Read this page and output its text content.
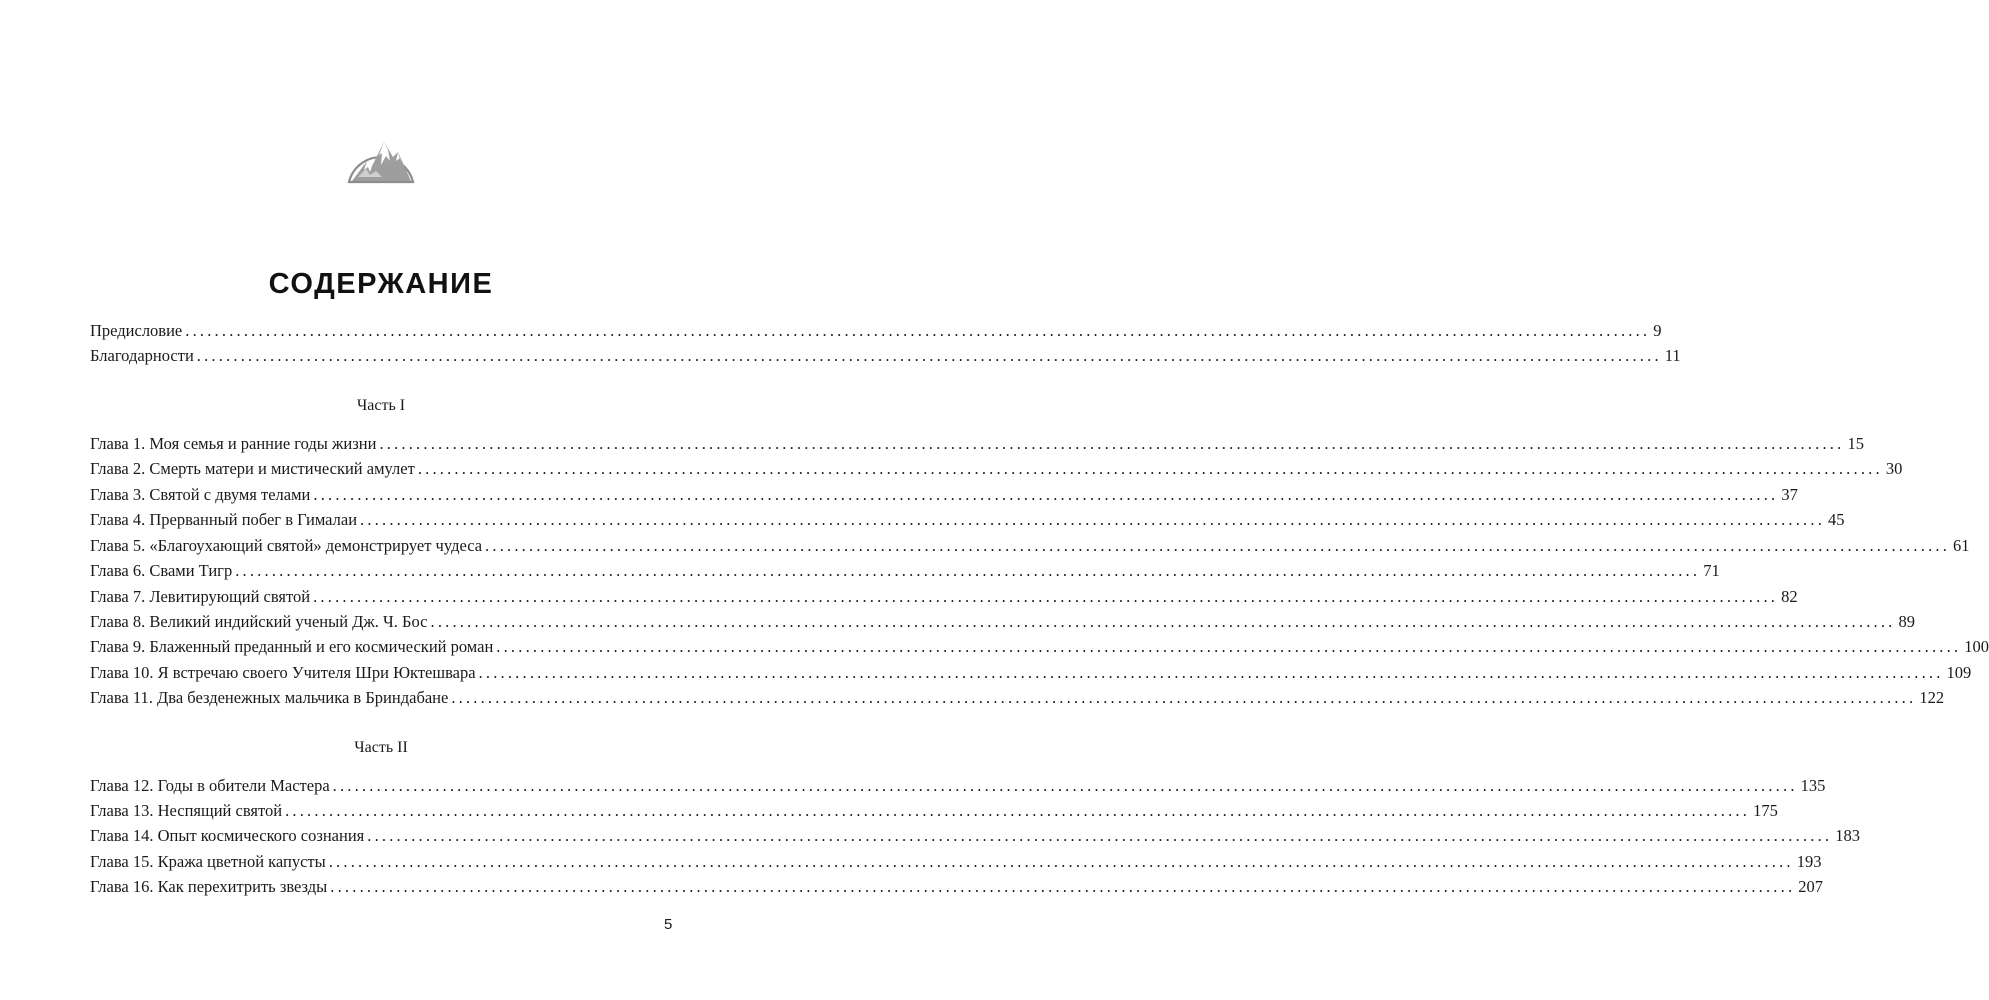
СОДЕРЖАНИЕ
Предисловие ........................................................................................................................................................................................................ 9
Благодарности ........................................................................................................................................................................................................ 11
Часть I
Глава 1. Моя семья и ранние годы жизни ........................................................................................................................................................................................................ 15
Глава 2. Смерть матери и мистический амулет ........................................................................................................................................................................................................ 30
Глава 3. Святой с двумя телами ........................................................................................................................................................................................................ 37
Глава 4. Прерванный побег в Гималаи ........................................................................................................................................................................................................ 45
Глава 5. «Благоухающий святой» демонстрирует чудеса ........................................................................................................................................................................................................ 61
Глава 6. Свами Тигр ........................................................................................................................................................................................................ 71
Глава 7. Левитирующий святой ........................................................................................................................................................................................................ 82
Глава 8. Великий индийский ученый Дж. Ч. Бос ........................................................................................................................................................................................................ 89
Глава 9. Блаженный преданный и его космический роман ........................................................................................................................................................................................................ 100
Глава 10. Я встречаю своего Учителя Шри Юктешвара ........................................................................................................................................................................................................ 109
Глава 11. Два безденежных мальчика в Бриндабане ........................................................................................................................................................................................................ 122
Часть II
Глава 12. Годы в обители Мастера ........................................................................................................................................................................................................ 135
Глава 13. Неспящий святой ........................................................................................................................................................................................................ 175
Глава 14. Опыт космического сознания ........................................................................................................................................................................................................ 183
Глава 15. Кража цветной капусты ........................................................................................................................................................................................................ 193
Глава 16. Как перехитрить звезды ........................................................................................................................................................................................................ 207
5
